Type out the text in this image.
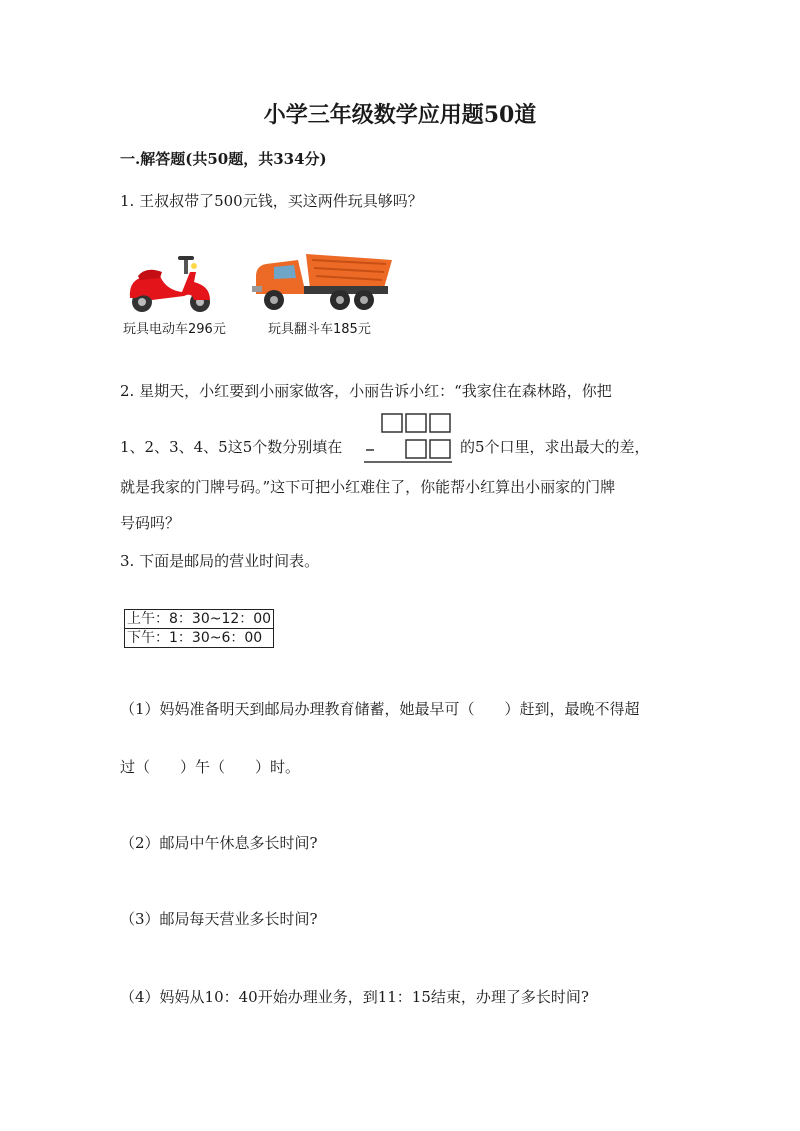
小学三年级数学应用题50道
一.解答题(共50题，共334分)
1. 王叔叔带了500元钱，买这两件玩具够吗？
玩具电动车296元	玩具翻斗车185元
2. 星期天，小红要到小丽家做客，小丽告诉小红：“我家住在森林路，你把
1、2、3、4、5这5个数分别填在	的5个口里，求出最大的差，
就是我家的门牌号码。”这下可把小红难住了，你能帮小红算出小丽家的门牌
号码吗？
3. 下面是邮局的营业时间表。
上午：8：30~12：00
下午：1：30~6：00
（1）妈妈准备明天到邮局办理教育储蓄，她最早可（　　）赶到，最晚不得超
过（　　）午（　　）时。
（2）邮局中午休息多长时间?
（3）邮局每天营业多长时间?
（4）妈妈从10：40开始办理业务，到11：15结束，办理了多长时间?
